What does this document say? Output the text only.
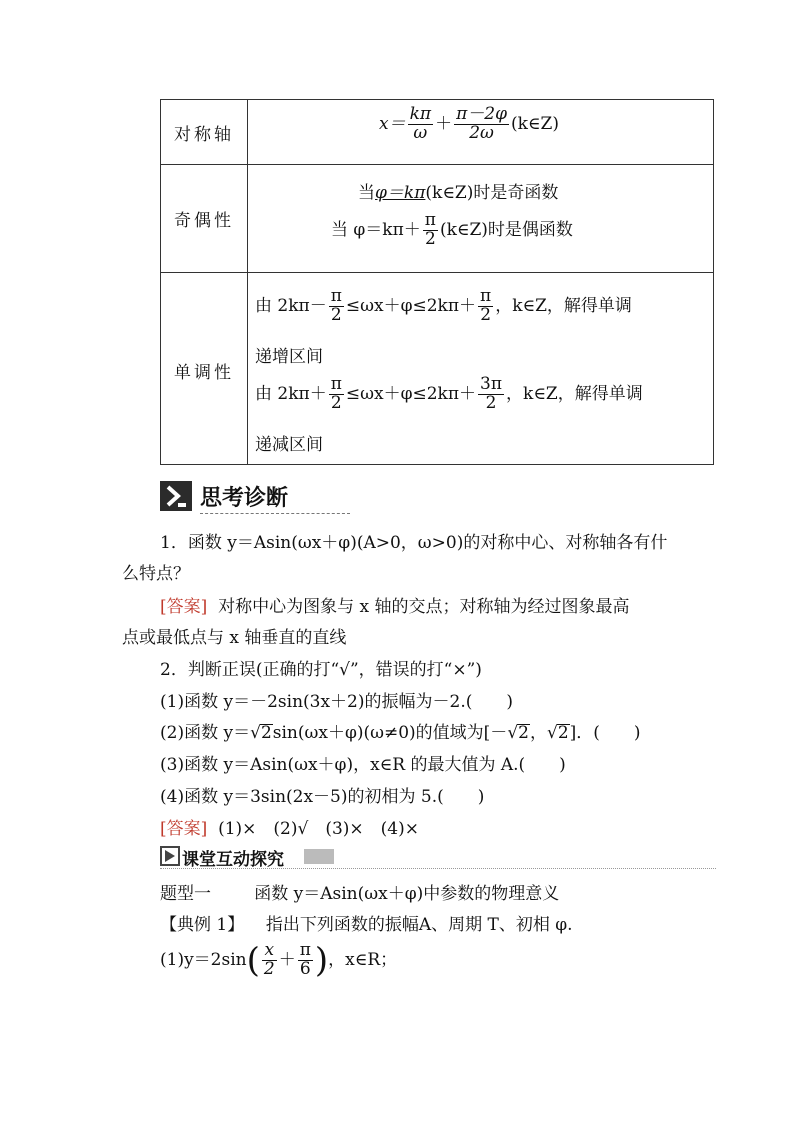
对称轴
$x= \frac{k\pi}{\omega} + \frac{\pi-2\varphi}{2\omega}$ (k∈Z)
奇偶性
当φ＝kπ(k∈Z)时是奇函数
当 $\varphi=k\pi+ \frac{\pi}{2}$ (k∈Z)时是偶函数
单调性
由 $2k\pi- \frac{\pi}{2} \le\omega x+\varphi\le 2k\pi+ \frac{\pi}{2}$ ，k∈Z，解得单调
递增区间
由 $2k\pi+ \frac{\pi}{2} \le\omega x+\varphi\le 2k\pi+ \frac{3\pi}{2}$ ，k∈Z，解得单调
递减区间
思考诊断
1．函数 y＝Asin(ωx＋φ)(A>0，ω>0)的对称中心、对称轴各有什
么特点？
[答案] 对称中心为图象与 x 轴的交点；对称轴为经过图象最高
点或最低点与 x 轴垂直的直线
2．判断正误(正确的打“√”，错误的打“×”)
(1)函数 y＝－2sin(3x＋2)的振幅为－2.(　　)
(2)函数 y＝√2sin(ωx＋φ)(ω≠0)的值域为[－√2，√2]．(　　)
(3)函数 y＝Asin(ωx＋φ)，x∈R 的最大值为 A.(　　)
(4)函数 y＝3sin(2x－5)的初相为 5.(　　)
[答案] (1)×　(2)√　(3)×　(4)×
课堂互动探究
题型一	函数 y＝Asin(ωx＋φ)中参数的物理意义
【典例 1】 指出下列函数的振幅A、周期 T、初相 φ.
$(1)y=2\sin( \frac{x}{2} + \frac{\pi}{6}$ )，x∈R；
